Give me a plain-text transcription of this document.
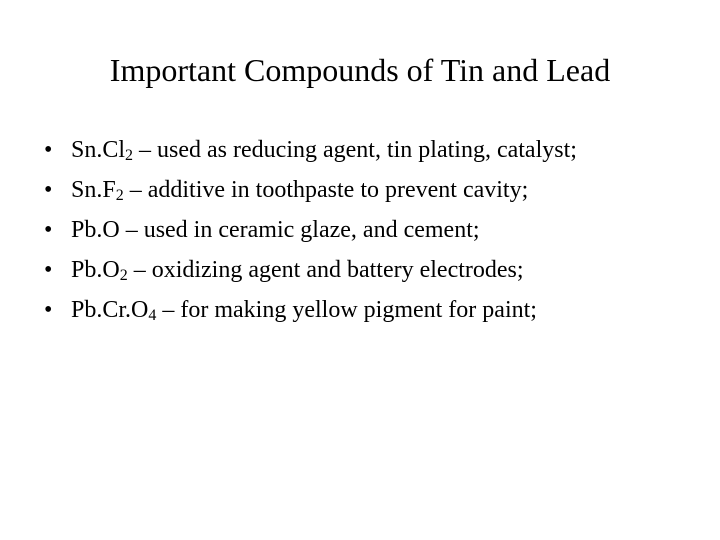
Important Compounds of Tin and Lead
• $Sn.Cl_2$ – used as reducing agent, tin plating, catalyst;
• $Sn.F_2$ – additive in toothpaste to prevent cavity;
• Pb.O – used in ceramic glaze, and cement;
• $Pb.O_2$ – oxidizing agent and battery electrodes;
• $Pb.Cr.O_4$ – for making yellow pigment for paint;
